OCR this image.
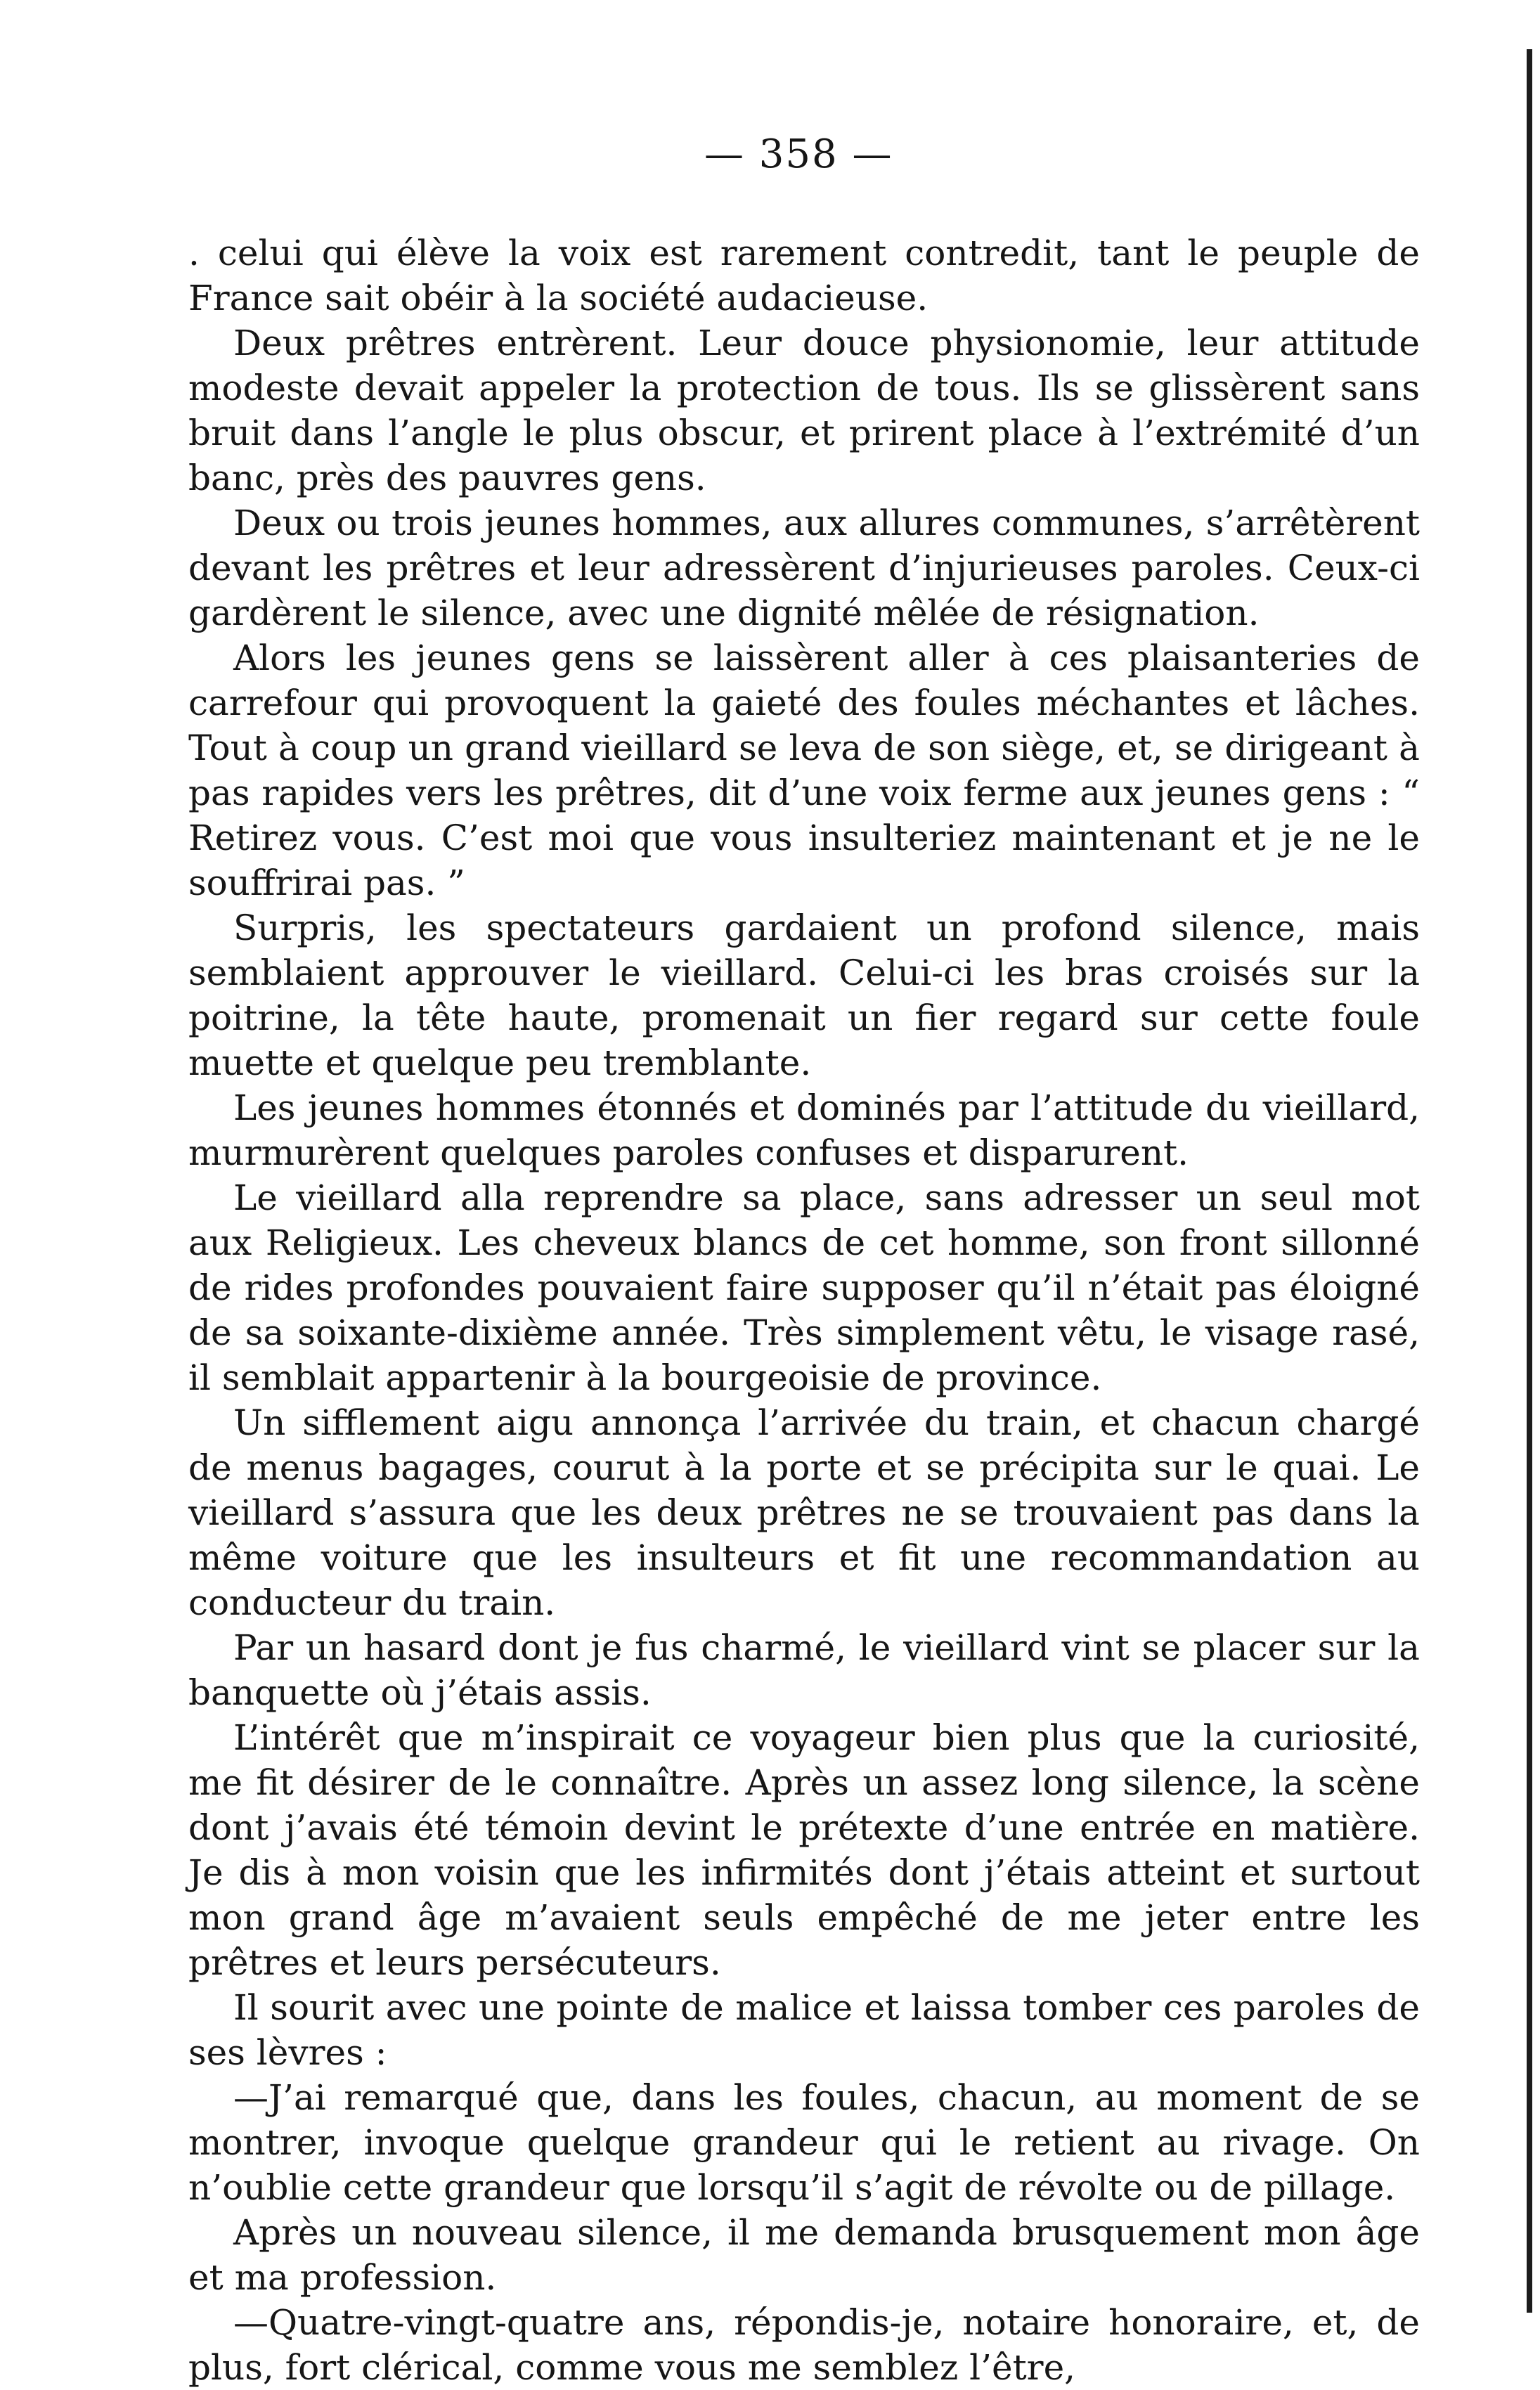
— 358 —

. celui qui élève la voix est rarement contredit, tant le peuple de France sait obéir à la société audacieuse.

Deux prêtres entrèrent. Leur douce physionomie, leur attitude modeste devait appeler la protection de tous. Ils se glissèrent sans bruit dans l’angle le plus obscur, et prirent place à l’extrémité d’un banc, près des pauvres gens.

Deux ou trois jeunes hommes, aux allures communes, s’arrêtèrent devant les prêtres et leur adressèrent d’injurieuses paroles. Ceux-ci gardèrent le silence, avec une dignité mêlée de résignation.

Alors les jeunes gens se laissèrent aller à ces plaisanteries de carrefour qui provoquent la gaieté des foules méchantes et lâches. Tout à coup un grand vieillard se leva de son siège, et, se dirigeant à pas rapides vers les prêtres, dit d’une voix ferme aux jeunes gens : “ Retirez vous. C’est moi que vous insulteriez maintenant et je ne le souffrirai pas. ”

Surpris, les spectateurs gardaient un profond silence, mais semblaient approuver le vieillard. Celui-ci les bras croisés sur la poitrine, la tête haute, promenait un fier regard sur cette foule muette et quelque peu tremblante.

Les jeunes hommes étonnés et dominés par l’attitude du vieillard, murmurèrent quelques paroles confuses et disparurent.

Le vieillard alla reprendre sa place, sans adresser un seul mot aux Religieux. Les cheveux blancs de cet homme, son front sillonné de rides profondes pouvaient faire supposer qu’il n’était pas éloigné de sa soixante-dixième année. Très simplement vêtu, le visage rasé, il semblait appartenir à la bourgeoisie de province.

Un sifflement aigu annonça l’arrivée du train, et chacun chargé de menus bagages, courut à la porte et se précipita sur le quai. Le vieillard s’assura que les deux prêtres ne se trouvaient pas dans la même voiture que les insulteurs et fit une recommandation au conducteur du train.

Par un hasard dont je fus charmé, le vieillard vint se placer sur la banquette où j’étais assis.

L’intérêt que m’inspirait ce voyageur bien plus que la curiosité, me fit désirer de le connaître. Après un assez long silence, la scène dont j’avais été témoin devint le prétexte d’une entrée en matière. Je dis à mon voisin que les infirmités dont j’étais atteint et surtout mon grand âge m’avaient seuls empêché de me jeter entre les prêtres et leurs persécuteurs.

Il sourit avec une pointe de malice et laissa tomber ces paroles de ses lèvres :

—J’ai remarqué que, dans les foules, chacun, au moment de se montrer, invoque quelque grandeur qui le retient au rivage. On n’oublie cette grandeur que lorsqu’il s’agit de révolte ou de pillage.

Après un nouveau silence, il me demanda brusquement mon âge et ma profession.

—Quatre-vingt-quatre ans, répondis-je, notaire honoraire, et, de plus, fort clérical, comme vous me semblez l’être,
